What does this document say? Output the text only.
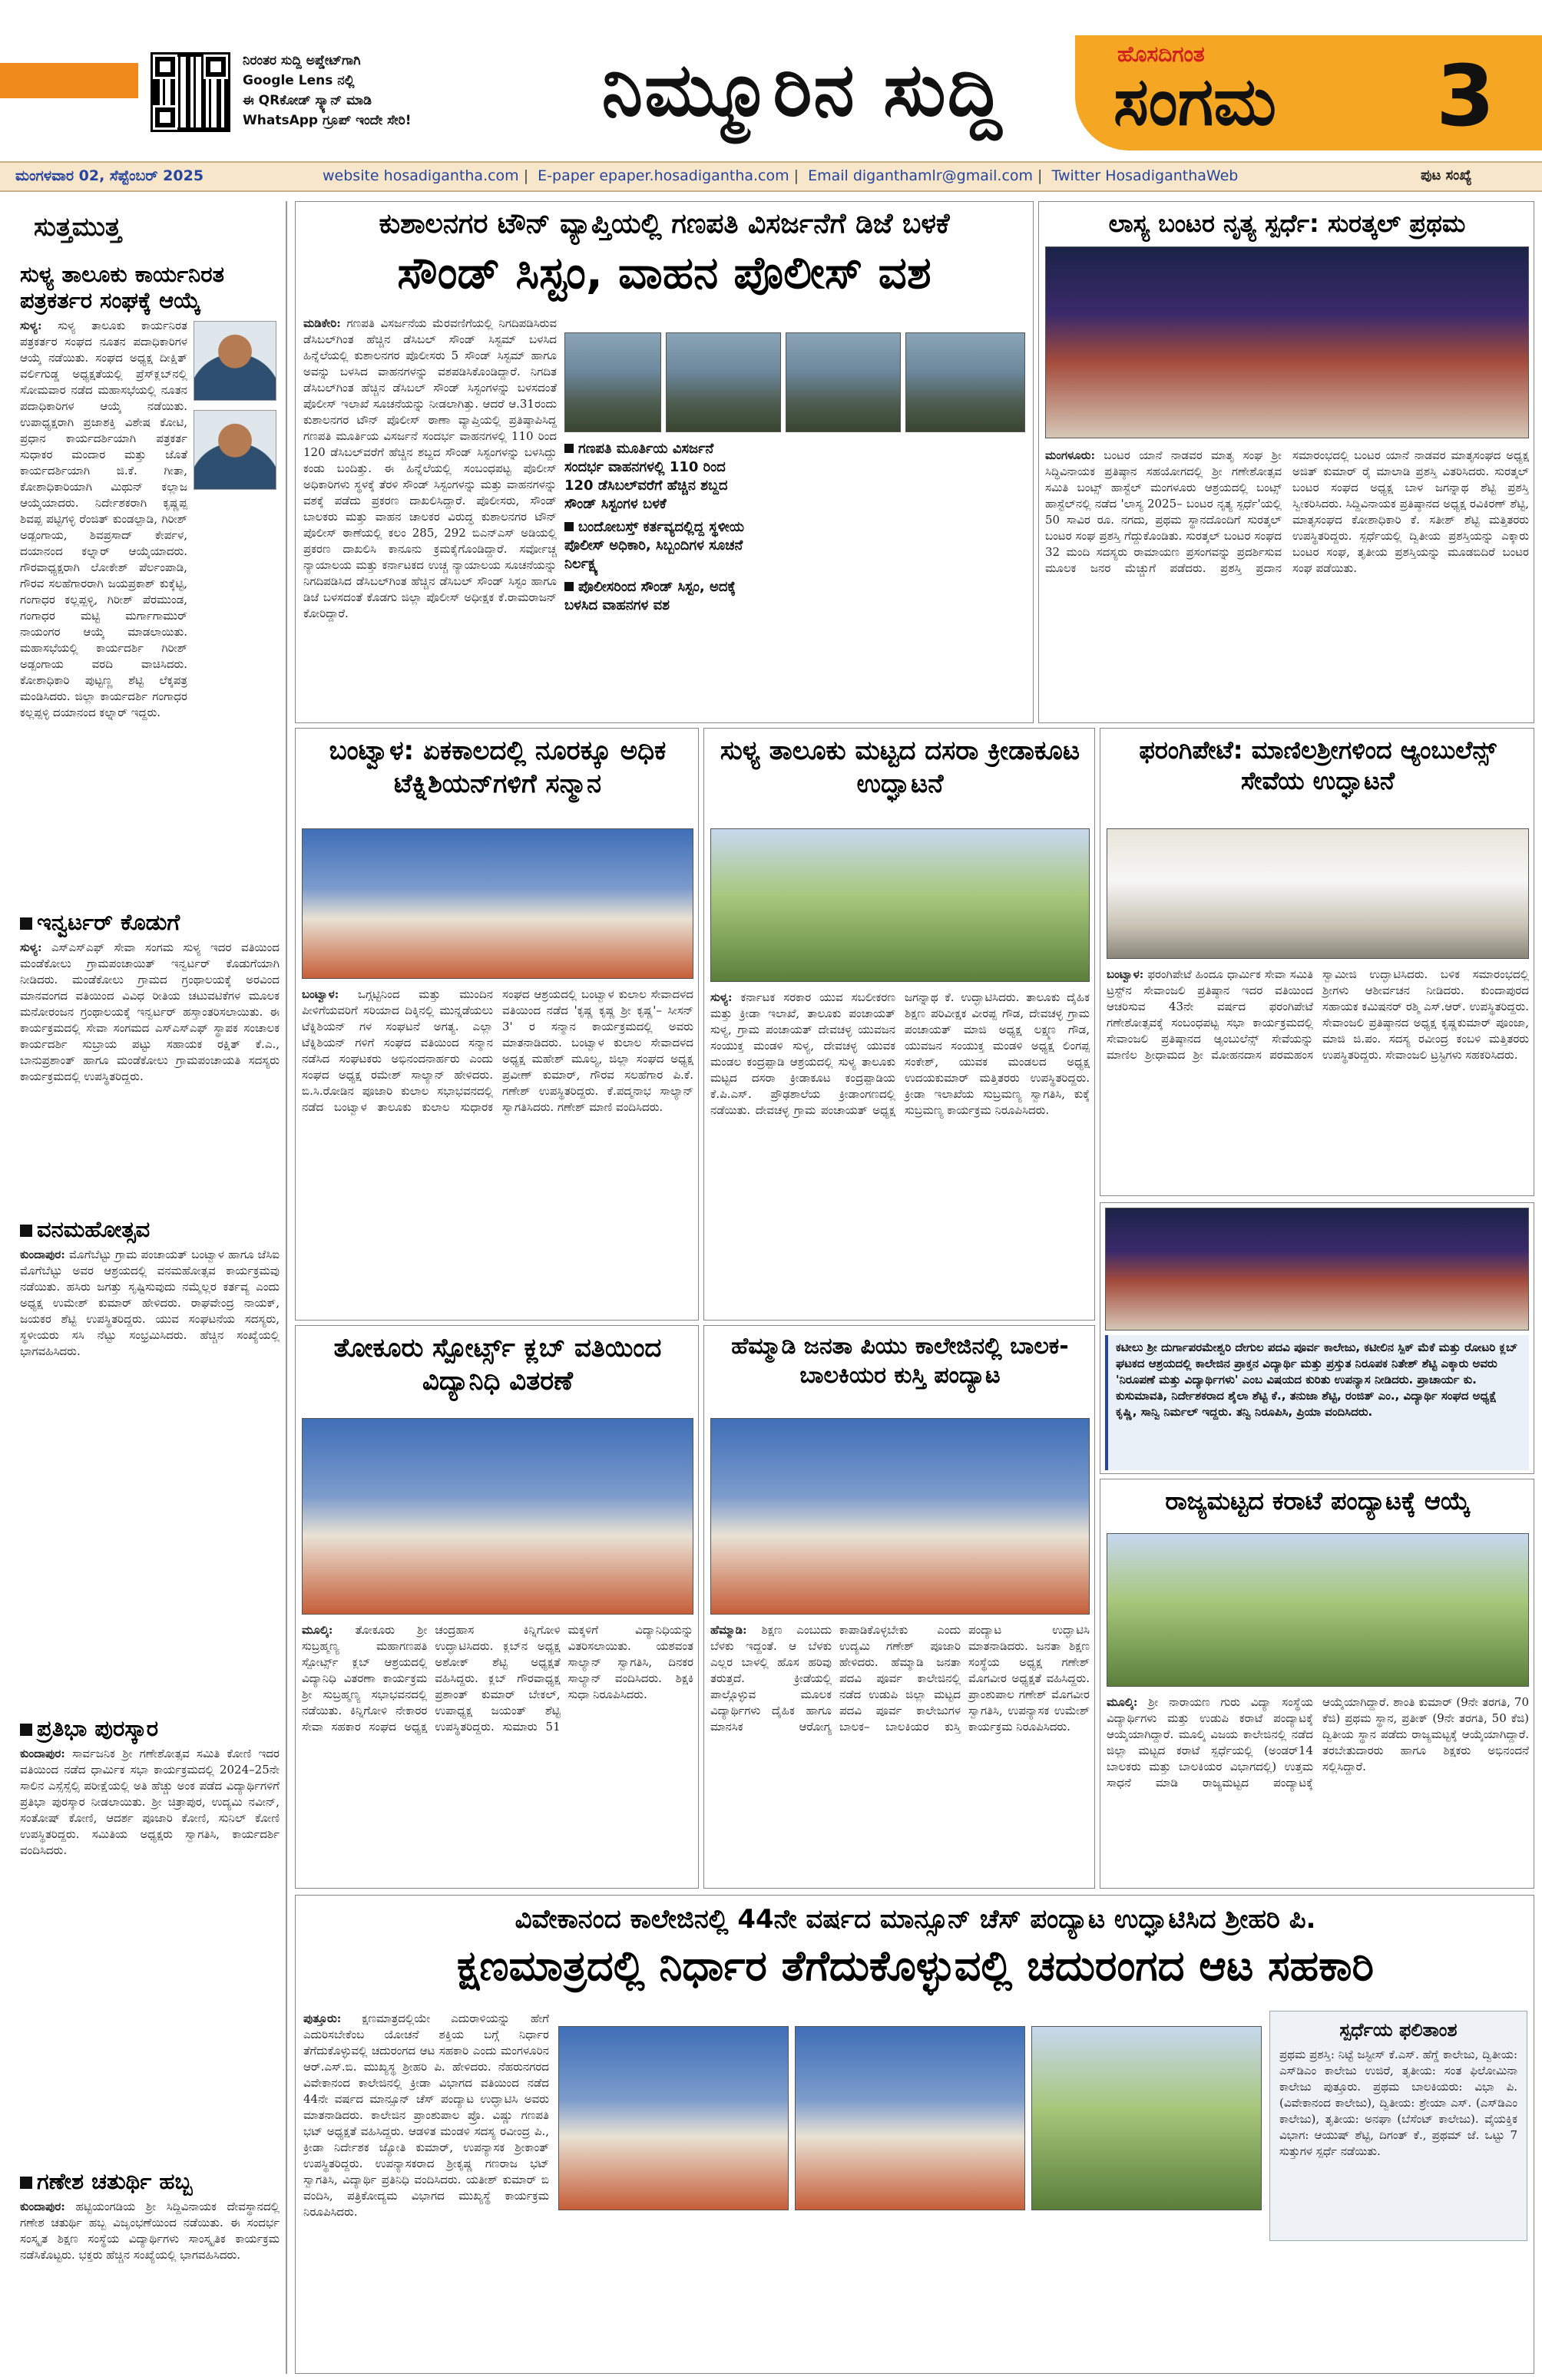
ನಿರಂತರ ಸುದ್ದಿ ಅಪ್ಡೇಟ್‌ಗಾಗಿ
Google Lens ನಲ್ಲಿ
ಈ QRಕೋಡ್ ಸ್ಕ್ಯಾನ್ ಮಾಡಿ
WhatsApp ಗ್ರೂಪ್ ಇಂದೇ ಸೇರಿ!	ನಿಮ್ಮೂರಿನ ಸುದ್ದಿ	ಹೊಸದಿಗಂತ
ಸಂಗಮ 3
ಮಂಗಳವಾರ 02, ಸೆಪ್ಟೆಂಬರ್ 2025	website hosadigantha.com | E-paper epaper.hosadigantha.com | Email diganthamlr@gmail.com | Twitter HosadiganthaWeb	ಪುಟ ಸಂಖ್ಯೆ
ಸುತ್ತಮುತ್ತ
ಸುಳ್ಯ ತಾಲೂಕು ಕಾರ್ಯನಿರತ ಪತ್ರಕರ್ತರ ಸಂಘಕ್ಕೆ ಆಯ್ಕೆ

ಸುಳ್ಯ: ಸುಳ್ಯ ತಾಲೂಕು ಕಾರ್ಯನಿರತ ಪತ್ರಕರ್ತರ ಸಂಘದ ನೂತನ ಪದಾಧಿಕಾರಿಗಳ ಆಯ್ಕೆ ನಡೆಯಿತು. ಸಂಘದ ಅಧ್ಯಕ್ಷ ದೀಕ್ಷಿತ್ ವರ್ಲಿಗುಡ್ಡ ಅಧ್ಯಕ್ಷತೆಯಲ್ಲಿ ಪ್ರೆಸ್‌ಕ್ಲಬ್‌ನಲ್ಲಿ ಸೋಮವಾರ ನಡೆದ ಮಹಾಸಭೆಯಲ್ಲಿ ನೂತನ ಪದಾಧಿಕಾರಿಗಳ ಆಯ್ಕೆ ನಡೆಯಿತು. ಉಪಾಧ್ಯಕ್ಷರಾಗಿ ಪ್ರಜಾಶಕ್ತಿ ವಿಶೇಷ ಕೋಟಿ, ಪ್ರಧಾನ ಕಾರ್ಯದರ್ಶಿಯಾಗಿ ಪತ್ರಕರ್ತ ಸುಧಾಕರ ಮಂದಾರ ಮತ್ತು ಜೊತೆ ಕಾರ್ಯದರ್ಶಿಯಾಗಿ ಜಿ.ಕೆ. ಗೀತಾ, ಕೋಶಾಧಿಕಾರಿಯಾಗಿ ಮಿಥುನ್ ಕಲ್ಲಾಜ ಆಯ್ಕೆಯಾದರು. ನಿರ್ದೇಶಕರಾಗಿ ಕೃಷ್ಣಪ್ಪ ಶಿವಪ್ಪ ಪಟ್ಟಿಗಳ್ಳಿ ರೆಂಜಿತ್ ಕುಂಡಲ್ಪಾಡಿ, ಗಿರೀಶ್ ಅಡ್ಪಂಗಾಯ, ಶಿವಪ್ರಸಾದ್ ಕೇರ್ಪಳ, ದಯಾನಂದ ಕಲ್ನಾರ್ ಆಯ್ಕೆಯಾದರು. ಗೌರವಾಧ್ಯಕ್ಷರಾಗಿ ಲೋಕೇಶ್ ಪೆರ್ಲಂಪಾಡಿ, ಗೌರವ ಸಲಹೆಗಾರರಾಗಿ ಜಯಪ್ರಕಾಶ್ ಕುಕ್ಕೆಟ್ಟಿ, ಗಂಗಾಧರ ಕಲ್ಲಪ್ಪಳ್ಳಿ, ಗಿರೀಶ್ ಪೆರಮುಂಡ, ಗಂಗಾಧರ ಮಟ್ಟಿ ಮರ್ಗಾಗಾಮುರ್ ನಾಯಂಗರ ಆಯ್ಕೆ ಮಾಡಲಾಯಿತು. ಮಹಾಸಭೆಯಲ್ಲಿ ಕಾರ್ಯದರ್ಶಿ ಗಿರೀಶ್ ಅಡ್ಪಂಗಾಯ ವರದಿ ವಾಚಿಸಿದರು. ಕೋಶಾಧಿಕಾರಿ ಪುಟ್ಟಣ್ಣ ಶೆಟ್ಟಿ ಲೆಕ್ಕಪತ್ರ ಮಂಡಿಸಿದರು. ಜಿಲ್ಲಾ ಕಾರ್ಯದರ್ಶಿ ಗಂಗಾಧರ ಕಲ್ಲಪ್ಪಳ್ಳಿ ದಯಾನಂದ ಕಲ್ನಾರ್ ಇದ್ದರು.
ಇನ್ವರ್ಟರ್ ಕೊಡುಗೆ
ಸುಳ್ಯ: ಎಸ್‌ಎಸ್‌ಎಫ್ ಸೇವಾ ಸಂಗಮ ಸುಳ್ಯ ಇದರ ವತಿಯಿಂದ ಮಂಡೆಕೋಲು ಗ್ರಾಮಪಂಚಾಯಿತ್ ಇನ್ವರ್ಟರ್ ಕೊಡುಗೆಯಾಗಿ ನೀಡಿದರು. ಮಂಡೆಕೋಲು ಗ್ರಾಮದ ಗ್ರಂಥಾಲಯಕ್ಕೆ ಅರವಿಂದ ಮಾನವಂಗದ ವತಿಯಿಂದ ವಿವಿಧ ರೀತಿಯ ಚಟುವಟಿಕೆಗಳ ಮೂಲಕ ಮನೋರಂಜನ ಗ್ರಂಥಾಲಯಕ್ಕೆ ಇನ್ವರ್ಟರ್ ಹಸ್ತಾಂತರಿಸಲಾಯಿತು. ಈ ಕಾರ್ಯಕ್ರಮದಲ್ಲಿ ಸೇವಾ ಸಂಗಮದ ಎಸ್‌ಎಸ್‌ಎಫ್ ಸ್ಥಾಪಕ ಸಂಚಾಲಕ ಕಾರ್ಯದರ್ಶಿ ಸುಬ್ರಾಯ ಪಟ್ಟು ಸಹಾಯಕ ರಕ್ಷಿತ್ ಕೆ.ಎ., ಬಾನುಪ್ರಶಾಂತ್ ಹಾಗೂ ಮಂಡೆಕೋಲು ಗ್ರಾಮಪಂಚಾಯತಿ ಸದಸ್ಯರು ಕಾರ್ಯಕ್ರಮದಲ್ಲಿ ಉಪಸ್ಥಿತರಿದ್ದರು.
ವನಮಹೋತ್ಸವ
ಕುಂದಾಪುರ: ಮೊಗೆಬೆಟ್ಟು ಗ್ರಾಮ ಪಂಚಾಯತ್ ಬಂಟ್ವಾಳ ಹಾಗೂ ಜೆಸಿಐ ಮೊಗೆಬೆಟ್ಟು ಅವರ ಆಶ್ರಯದಲ್ಲಿ ವನಮಹೋತ್ಸವ ಕಾರ್ಯಕ್ರಮವು ನಡೆಯಿತು. ಹಸಿರು ಜಗತ್ತು ಸೃಷ್ಟಿಸುವುದು ನಮ್ಮೆಲ್ಲರ ಕರ್ತವ್ಯ ಎಂದು ಅಧ್ಯಕ್ಷ ಉಮೇಶ್ ಕುಮಾರ್ ಹೇಳಿದರು. ರಾಘವೇಂದ್ರ ನಾಯಕ್, ಜಯಕರ ಶೆಟ್ಟಿ ಉಪಸ್ಥಿತರಿದ್ದರು. ಯುವ ಸಂಘಟನೆಯ ಸದಸ್ಯರು, ಸ್ಥಳೀಯರು ಸಸಿ ನೆಟ್ಟು ಸಂಭ್ರಮಿಸಿದರು. ಹೆಚ್ಚಿನ ಸಂಖ್ಯೆಯಲ್ಲಿ ಭಾಗವಹಿಸಿದರು.
ಪ್ರತಿಭಾ ಪುರಸ್ಕಾರ
ಕುಂದಾಪುರ: ಸಾರ್ವಜನಿಕ ಶ್ರೀ ಗಣೇಶೋತ್ಸವ ಸಮಿತಿ ಕೋಣಿ ಇದರ ವತಿಯಿಂದ ನಡೆದ ಧಾರ್ಮಿಕ ಸಭಾ ಕಾರ್ಯಕ್ರಮದಲ್ಲಿ 2024–25ನೇ ಸಾಲಿನ ಎಸ್ಸೆಸ್ಸೆಲ್ಸಿ ಪರೀಕ್ಷೆಯಲ್ಲಿ ಅತಿ ಹೆಚ್ಚು ಅಂಕ ಪಡೆದ ವಿದ್ಯಾರ್ಥಿಗಳಿಗೆ ಪ್ರತಿಭಾ ಪುರಸ್ಕಾರ ನೀಡಲಾಯಿತು. ಶ್ರೀ ಚಿತ್ರಾಪುರ, ಉದ್ಯಮಿ ನವೀನ್, ಸಂತೋಷ್ ಕೋಣಿ, ಆದರ್ಶ ಪೂಜಾರಿ ಕೋಣಿ, ಸುನಿಲ್ ಕೋಣಿ ಉಪಸ್ಥಿತರಿದ್ದರು. ಸಮಿತಿಯ ಅಧ್ಯಕ್ಷರು ಸ್ವಾಗತಿಸಿ, ಕಾರ್ಯದರ್ಶಿ ವಂದಿಸಿದರು.
ಗಣೇಶ ಚತುರ್ಥಿ ಹಬ್ಬ
ಕುಂದಾಪುರ: ಹಟ್ಟಿಯಂಗಡಿಯ ಶ್ರೀ ಸಿದ್ದಿವಿನಾಯಕ ದೇವಸ್ಥಾನದಲ್ಲಿ ಗಣೇಶ ಚತುರ್ಥಿ ಹಬ್ಬ ವಿಜೃಂಭಣೆಯಿಂದ ನಡೆಯಿತು. ಈ ಸಂದರ್ಭ ಸಂಸ್ಕೃತ ಶಿಕ್ಷಣ ಸಂಸ್ಥೆಯ ವಿದ್ಯಾರ್ಥಿಗಳು ಸಾಂಸ್ಕೃತಿಕ ಕಾರ್ಯಕ್ರಮ ನಡೆಸಿಕೊಟ್ಟರು. ಭಕ್ತರು ಹೆಚ್ಚಿನ ಸಂಖ್ಯೆಯಲ್ಲಿ ಭಾಗವಹಿಸಿದರು.
ಕುಶಾಲನಗರ ಟೌನ್ ವ್ಯಾಪ್ತಿಯಲ್ಲಿ ಗಣಪತಿ ವಿಸರ್ಜನೆಗೆ ಡಿಜೆ ಬಳಕೆ
ಸೌಂಡ್ ಸಿಸ್ಟಂ, ವಾಹನ ಪೊಲೀಸ್ ವಶ
ಮಡಿಕೇರಿ: ಗಣಪತಿ ವಿಸರ್ಜನೆಯ ಮೆರವಣಿಗೆಯಲ್ಲಿ ನಿಗದಿಪಡಿಸಿರುವ ಡೆಸಿಬಲ್‌ಗಿಂತ ಹೆಚ್ಚಿನ ಡೆಸಿಬಲ್ ಸೌಂಡ್ ಸಿಸ್ಟಮ್ ಬಳಸಿದ ಹಿನ್ನೆಲೆಯಲ್ಲಿ ಕುಶಾಲನಗರ ಪೊಲೀಸರು 5 ಸೌಂಡ್ ಸಿಸ್ಟಮ್ ಹಾಗೂ ಅವನ್ನು ಬಳಸಿದ ವಾಹನಗಳನ್ನು ವಶಪಡಿಸಿಕೊಂಡಿದ್ದಾರೆ. ನಿಗದಿತ ಡೆಸಿಬಲ್‌ಗಿಂತ ಹೆಚ್ಚಿನ ಡೆಸಿಬಲ್ ಸೌಂಡ್ ಸಿಸ್ಟಂಗಳನ್ನು ಬಳಸದಂತೆ ಪೊಲೀಸ್ ಇಲಾಖೆ ಸೂಚನೆಯನ್ನು ನೀಡಲಾಗಿತ್ತು. ಆದರೆ ಆ.31ರಂದು ಕುಶಾಲನಗರ ಟೌನ್ ಪೊಲೀಸ್ ಠಾಣಾ ವ್ಯಾಪ್ತಿಯಲ್ಲಿ ಪ್ರತಿಷ್ಠಾಪಿಸಿದ್ದ ಗಣಪತಿ ಮೂರ್ತಿಯ ವಿಸರ್ಜನೆ ಸಂದರ್ಭ ವಾಹನಗಳಲ್ಲಿ 110 ರಿಂದ 120 ಡೆಸಿಬಲ್‌ವರೆಗೆ ಹೆಚ್ಚಿನ ಶಬ್ದದ ಸೌಂಡ್ ಸಿಸ್ಟಂಗಳನ್ನು ಬಳಸಿದ್ದು ಕಂಡು ಬಂದಿತ್ತು. ಈ ಹಿನ್ನೆಲೆಯಲ್ಲಿ ಸಂಬಂಧಪಟ್ಟ ಪೊಲೀಸ್ ಅಧಿಕಾರಿಗಳು ಸ್ಥಳಕ್ಕೆ ತೆರಳಿ ಸೌಂಡ್ ಸಿಸ್ಟಂಗಳನ್ನು ಮತ್ತು ವಾಹನಗಳನ್ನು ವಶಕ್ಕೆ ಪಡೆದು ಪ್ರಕರಣ ದಾಖಲಿಸಿದ್ದಾರೆ. ಪೊಲೀಸರು, ಸೌಂಡ್ ಬಾಲಕರು ಮತ್ತು ವಾಹನ ಚಾಲಕರ ವಿರುದ್ಧ ಕುಶಾಲನಗರ ಟೌನ್ ಪೊಲೀಸ್ ಠಾಣೆಯಲ್ಲಿ ಕಲಂ 285, 292 ಬಿಎನ್‌ಎಸ್ ಅಡಿಯಲ್ಲಿ ಪ್ರಕರಣ ದಾಖಲಿಸಿ ಕಾನೂನು ಕ್ರಮಕೈಗೊಂಡಿದ್ದಾರೆ. ಸರ್ವೋಚ್ಚ ನ್ಯಾಯಾಲಯ ಮತ್ತು ಕರ್ನಾಟಕದ ಉಚ್ಚ ನ್ಯಾಯಾಲಯ ಸೂಚನೆಯನ್ನು ನಿಗದಿಪಡಿಸಿದ ಡೆಸಿಬಲ್‌ಗಿಂತ ಹೆಚ್ಚಿನ ಡೆಸಿಬಲ್ ಸೌಂಡ್ ಸಿಸ್ಟಂ ಹಾಗೂ ಡಿಜೆ ಬಳಸದಂತೆ ಕೊಡಗು ಜಿಲ್ಲಾ ಪೊಲೀಸ್ ಅಧೀಕ್ಷಕ ಕೆ.ರಾಮರಾಜನ್ ಕೋರಿದ್ದಾರೆ.
ಗಣಪತಿ ಮೂರ್ತಿಯ ವಿಸರ್ಜನೆ ಸಂದರ್ಭ ವಾಹನಗಳಲ್ಲಿ 110 ರಿಂದ 120 ಡೆಸಿಬಲ್‌ವರೆಗೆ ಹೆಚ್ಚಿನ ಶಬ್ದದ ಸೌಂಡ್ ಸಿಸ್ಟಂಗಳ ಬಳಕೆ
ಬಂದೋಬಸ್ತ್ ಕರ್ತವ್ಯದಲ್ಲಿದ್ದ ಸ್ಥಳೀಯ ಪೊಲೀಸ್ ಅಧಿಕಾರಿ, ಸಿಬ್ಬಂದಿಗಳ ಸೂಚನೆ ನಿರ್ಲಕ್ಷ್ಯ
ಪೊಲೀಸರಿಂದ ಸೌಂಡ್ ಸಿಸ್ಟಂ, ಅದಕ್ಕೆ ಬಳಸಿದ ವಾಹನಗಳ ವಶ
ಲಾಸ್ಯ ಬಂಟರ ನೃತ್ಯ ಸ್ಪರ್ಧೆ: ಸುರತ್ಕಲ್ ಪ್ರಥಮ
ಮಂಗಳೂರು: ಬಂಟರ ಯಾನೆ ನಾಡವರ ಮಾತೃ ಸಂಘ ಶ್ರೀ ಸಿದ್ಧಿವಿನಾಯಕ ಪ್ರತಿಷ್ಠಾನ ಸಹಯೋಗದಲ್ಲಿ ಶ್ರೀ ಗಣೇಶೋತ್ಸವ ಸಮಿತಿ ಬಂಟ್ಸ್ ಹಾಸ್ಟೆಲ್ ಮಂಗಳೂರು ಆಶ್ರಯದಲ್ಲಿ ಬಂಟ್ಸ್ ಹಾಸ್ಟೆಲ್‌ನಲ್ಲಿ ನಡೆದ 'ಲಾಸ್ಯ 2025– ಬಂಟರ ನೃತ್ಯ ಸ್ಪರ್ಧೆ'ಯಲ್ಲಿ 50 ಸಾವಿರ ರೂ. ನಗದು, ಪ್ರಥಮ ಸ್ಥಾನದೊಂದಿಗೆ ಸುರತ್ಕಲ್ ಬಂಟರ ಸಂಘ ಪ್ರಶಸ್ತಿ ಗೆದ್ದುಕೊಂಡಿತು. ಸುರತ್ಕಲ್ ಬಂಟರ ಸಂಘದ 32 ಮಂದಿ ಸದಸ್ಯರು ರಾಮಾಯಣ ಪ್ರಸಂಗವನ್ನು ಪ್ರದರ್ಶಿಸುವ ಮೂಲಕ ಜನರ ಮೆಚ್ಚುಗೆ ಪಡೆದರು. ಪ್ರಶಸ್ತಿ ಪ್ರದಾನ ಸಮಾರಂಭದಲ್ಲಿ ಬಂಟರ ಯಾನೆ ನಾಡವರ ಮಾತೃಸಂಘದ ಅಧ್ಯಕ್ಷ ಅಜಿತ್ ಕುಮಾರ್ ರೈ ಮಾಲಾಡಿ ಪ್ರಶಸ್ತಿ ವಿತರಿಸಿದರು. ಸುರತ್ಕಲ್ ಬಂಟರ ಸಂಘದ ಅಧ್ಯಕ್ಷ ಬಾಳ ಜಗನ್ನಾಥ ಶೆಟ್ಟಿ ಪ್ರಶಸ್ತಿ ಸ್ವೀಕರಿಸಿದರು. ಸಿದ್ದಿವಿನಾಯಕ ಪ್ರತಿಷ್ಠಾನದ ಅಧ್ಯಕ್ಷ ರವಿಕಿರಣ್ ಶೆಟ್ಟಿ, ಮಾತೃಸಂಘದ ಕೋಶಾಧಿಕಾರಿ ಕೆ. ಸತೀಶ್ ಶೆಟ್ಟಿ ಮತ್ತಿತರರು ಉಪಸ್ಥಿತರಿದ್ದರು. ಸ್ಪರ್ಧೆಯಲ್ಲಿ ದ್ವಿತೀಯ ಪ್ರಶಸ್ತಿಯನ್ನು ಎಕ್ಕಾರು ಬಂಟರ ಸಂಘ, ತೃತೀಯ ಪ್ರಶಸ್ತಿಯನ್ನು ಮೂಡಬಿದಿರೆ ಬಂಟರ ಸಂಘ ಪಡೆಯಿತು.
ಬಂಟ್ವಾಳ: ಏಕಕಾಲದಲ್ಲಿ ನೂರಕ್ಕೂ ಅಧಿಕ ಟೆಕ್ನಿಶಿಯನ್‌ಗಳಿಗೆ ಸನ್ಮಾನ
ಬಂಟ್ವಾಳ: ಒಗ್ಗಟ್ಟಿನಿಂದ ಮತ್ತು ಮುಂದಿನ ಪೀಳಿಗೆಯವರಿಗೆ ಸರಿಯಾದ ದಿಕ್ಕಿನಲ್ಲಿ ಮುನ್ನಡೆಯಲು ಟೆಕ್ನಿಶಿಯನ್ ಗಳ ಸಂಘಟನೆ ಅಗತ್ಯ. ಎಲ್ಲಾ ಟೆಕ್ನಿಶಿಯನ್ ಗಳಿಗೆ ಸಂಘದ ವತಿಯಿಂದ ಸನ್ಮಾನ ನಡೆಸಿದ ಸಂಘಟಕರು ಅಭಿನಂದನಾರ್ಹರು ಎಂದು ಸಂಘದ ಅಧ್ಯಕ್ಷ ರಮೇಶ್ ಸಾಲ್ಯಾನ್ ಹೇಳಿದರು. ಬಿ.ಸಿ.ರೋಡಿನ ಪೂಜಾರಿ ಕುಲಾಲ ಸಭಾಭವನದಲ್ಲಿ ನಡೆದ ಬಂಟ್ವಾಳ ತಾಲೂಕು ಕುಲಾಲ ಸುಧಾರಕ ಸಂಘದ ಆಶ್ರಯದಲ್ಲಿ ಬಂಟ್ವಾಳ ಕುಲಾಲ ಸೇವಾದಳದ ವತಿಯಿಂದ ನಡೆದ 'ಕೃಷ್ಣ ಕೃಷ್ಣ ಶ್ರೀ ಕೃಷ್ಣ'– ಸೀಸನ್ 3' ರ ಸನ್ಮಾನ ಕಾರ್ಯಕ್ರಮದಲ್ಲಿ ಅವರು ಮಾತನಾಡಿದರು. ಬಂಟ್ವಾಳ ಕುಲಾಲ ಸೇವಾದಳದ ಅಧ್ಯಕ್ಷ ಮಹೇಶ್ ಮೂಲ್ಯ, ಜಿಲ್ಲಾ ಸಂಘದ ಅಧ್ಯಕ್ಷ ಪ್ರವೀಣ್ ಕುಮಾರ್, ಗೌರವ ಸಲಹೆಗಾರ ಪಿ.ಕೆ. ಗಣೇಶ್ ಉಪಸ್ಥಿತರಿದ್ದರು. ಕೆ.ಪದ್ಮನಾಭ ಸಾಲ್ಯಾನ್ ಸ್ವಾಗತಿಸಿದರು. ಗಣೇಶ್ ಮಾಣಿ ವಂದಿಸಿದರು.
ಸುಳ್ಯ ತಾಲೂಕು ಮಟ್ಟದ ದಸರಾ ಕ್ರೀಡಾಕೂಟ ಉದ್ಘಾಟನೆ
ಸುಳ್ಯ: ಕರ್ನಾಟಕ ಸರಕಾರ ಯುವ ಸಬಲೀಕರಣ ಮತ್ತು ಕ್ರೀಡಾ ಇಲಾಖೆ, ತಾಲೂಕು ಪಂಚಾಯತ್ ಸುಳ್ಯ, ಗ್ರಾಮ ಪಂಚಾಯತ್ ದೇವಚಳ್ಳ ಯುವಜನ ಸಂಯುಕ್ತ ಮಂಡಳಿ ಸುಳ್ಯ, ದೇವಚಳ್ಳ ಯುವಕ ಮಂಡಲ ಕಂದ್ರಪ್ಪಾಡಿ ಆಶ್ರಯದಲ್ಲಿ ಸುಳ್ಯ ತಾಲೂಕು ಮಟ್ಟದ ದಸರಾ ಕ್ರೀಡಾಕೂಟ ಕಂದ್ರಪ್ಪಾಡಿಯ ಕೆ.ಪಿ.ಎಸ್. ಪ್ರೌಢಶಾಲೆಯ ಕ್ರೀಡಾಂಗಣದಲ್ಲಿ ನಡೆಯಿತು. ದೇವಚಳ್ಳ ಗ್ರಾಮ ಪಂಚಾಯತ್ ಅಧ್ಯಕ್ಷ ಜಗನ್ನಾಥ ಕೆ. ಉದ್ಘಾಟಿಸಿದರು. ತಾಲೂಕು ದೈಹಿಕ ಶಿಕ್ಷಣ ಪರಿವೀಕ್ಷಕ ವೀರಪ್ಪ ಗೌಡ, ದೇವಚಳ್ಳ ಗ್ರಾಮ ಪಂಚಾಯತ್ ಮಾಜಿ ಅಧ್ಯಕ್ಷ ಲಕ್ಷ್ಮಣ ಗೌಡ, ಯುವಜನ ಸಂಯುಕ್ತ ಮಂಡಳಿ ಅಧ್ಯಕ್ಷ ಲಿಂಗಪ್ಪ ಸಂಕೇಶ್, ಯುವಕ ಮಂಡಲದ ಅಧ್ಯಕ್ಷ ಉದಯಕುಮಾರ್ ಮತ್ತಿತರರು ಉಪಸ್ಥಿತರಿದ್ದರು. ಕ್ರೀಡಾ ಇಲಾಖೆಯ ಸುಬ್ರಮಣ್ಯ ಸ್ವಾಗತಿಸಿ, ಕುಕ್ಕೆ ಸುಬ್ರಮಣ್ಯ ಕಾರ್ಯಕ್ರಮ ನಿರೂಪಿಸಿದರು.
ಫರಂಗಿಪೇಟೆ: ಮಾಣಿಲಶ್ರೀಗಳಿಂದ ಆ್ಯಂಬುಲೆನ್ಸ್ ಸೇವೆಯ ಉದ್ಘಾಟನೆ
ಬಂಟ್ವಾಳ: ಫರಂಗಿಪೇಟೆ ಹಿಂದೂ ಧಾರ್ಮಿಕ ಸೇವಾ ಸಮಿತಿ ಟ್ರಸ್ಟ್‌ನ ಸೇವಾಂಜಲಿ ಪ್ರತಿಷ್ಠಾನ ಇದರ ವತಿಯಿಂದ ಆಚರಿಸುವ 43ನೇ ವರ್ಷದ ಫರಂಗಿಪೇಟೆ ಗಣೇಶೋತ್ಸವಕ್ಕೆ ಸಂಬಂಧಪಟ್ಟ ಸಭಾ ಕಾರ್ಯಕ್ರಮದಲ್ಲಿ ಸೇವಾಂಜಲಿ ಪ್ರತಿಷ್ಠಾನದ ಆ್ಯಂಬುಲೆನ್ಸ್ ಸೇವೆಯನ್ನು ಮಾಣಿಲ ಶ್ರೀಧಾಮದ ಶ್ರೀ ಮೋಹನದಾಸ ಪರಮಹಂಸ ಸ್ವಾಮೀಜಿ ಉದ್ಘಾಟಿಸಿದರು. ಬಳಿಕ ಸಮಾರಂಭದಲ್ಲಿ ಶ್ರೀಗಳು ಆಶೀರ್ವಚನ ನೀಡಿದರು. ಕುಂದಾಪುರದ ಸಹಾಯಕ ಕಮಿಷನರ್ ರಶ್ಮಿ ಎಸ್.ಆರ್. ಉಪಸ್ಥಿತರಿದ್ದರು. ಸೇವಾಂಜಲಿ ಪ್ರತಿಷ್ಠಾನದ ಅಧ್ಯಕ್ಷ ಕೃಷ್ಣಕುಮಾರ್ ಪೂಂಜಾ, ಮಾಜಿ ಜಿ.ಪಂ. ಸದಸ್ಯ ರವೀಂದ್ರ ಕಂಬಳಿ ಮತ್ತಿತರರು ಉಪಸ್ಥಿತರಿದ್ದರು. ಸೇವಾಂಜಲಿ ಟ್ರಸ್ಟಿಗಳು ಸಹಕರಿಸಿದರು.
ಕಟೀಲು ಶ್ರೀ ದುರ್ಗಾಪರಮೇಶ್ವರಿ ದೇಗುಲ ಪದವಿ ಪೂರ್ವ ಕಾಲೇಜು, ಕಟೀಲಿನ ಸ್ಪಿಕ್ ಮೆಕೆ ಮತ್ತು ರೋಟರಿ ಕ್ಲಬ್ ಘಟಕದ ಆಶ್ರಯದಲ್ಲಿ ಕಾಲೇಜಿನ ಪ್ರಾಕ್ತನ ವಿದ್ಯಾರ್ಥಿ ಮತ್ತು ಪ್ರಸ್ತುತ ನಿರೂಪಕ ನಿತೇಶ್ ಶೆಟ್ಟಿ ಎಕ್ಕಾರು ಅವರು 'ನಿರೂಪಣೆ ಮತ್ತು ವಿದ್ಯಾರ್ಥಿಗಳು' ಎಂಬ ವಿಷಯದ ಕುರಿತು ಉಪನ್ಯಾಸ ನೀಡಿದರು. ಪ್ರಾಚಾರ್ಯ ಕು. ಕುಸುಮಾವತಿ, ನಿರ್ದೇಶಕರಾದ ಶೈಲಾ ಶೆಟ್ಟಿ ಕೆ., ತನುಜಾ ಶೆಟ್ಟಿ, ರಂಜಿತ್ ಎಂ., ವಿದ್ಯಾರ್ಥಿ ಸಂಘದ ಅಧ್ಯಕ್ಷೆ ಕೃಷ್ಣಿ, ಸಾನ್ವಿ ನಿರ್ಮಲ್ ಇದ್ದರು. ತನ್ವಿ ನಿರೂಪಿಸಿ, ಪ್ರಿಯಾ ವಂದಿಸಿದರು.
ತೋಕೂರು ಸ್ಪೋರ್ಟ್ಸ್ ಕ್ಲಬ್ ವತಿಯಿಂದ ವಿದ್ಯಾನಿಧಿ ವಿತರಣೆ
ಮೂಲ್ಕಿ: ತೋಕೂರು ಶ್ರೀ ಸುಬ್ರಹ್ಮಣ್ಯ ಮಹಾಗಣಪತಿ ಸ್ಪೋರ್ಟ್ಸ್ ಕ್ಲಬ್ ಆಶ್ರಯದಲ್ಲಿ ವಿದ್ಯಾನಿಧಿ ವಿತರಣಾ ಕಾರ್ಯಕ್ರಮ ಶ್ರೀ ಸುಬ್ರಹ್ಮಣ್ಯ ಸಭಾಭವನದಲ್ಲಿ ನಡೆಯಿತು. ಕಿನ್ನಿಗೋಳಿ ನೇಕಾರರ ಸೇವಾ ಸಹಕಾರ ಸಂಘದ ಅಧ್ಯಕ್ಷ ಚಂದ್ರಹಾಸ ಕಿನ್ನಿಗೋಳಿ ಉದ್ಘಾಟಿಸಿದರು. ಕ್ಲಬ್‌ನ ಅಧ್ಯಕ್ಷ ಅಶೋಕ್ ಶೆಟ್ಟಿ ಅಧ್ಯಕ್ಷತೆ ವಹಿಸಿದ್ದರು. ಕ್ಲಬ್ ಗೌರವಾಧ್ಯಕ್ಷ ಪ್ರಶಾಂತ್ ಕುಮಾರ್ ಬೇಕಲ್, ಉಪಾಧ್ಯಕ್ಷ ಜಯಂತ್ ಶೆಟ್ಟಿ ಉಪಸ್ಥಿತರಿದ್ದರು. ಸುಮಾರು 51 ಮಕ್ಕಳಿಗೆ ವಿದ್ಯಾನಿಧಿಯನ್ನು ವಿತರಿಸಲಾಯಿತು. ಯಶವಂತ ಸಾಲ್ಯಾನ್ ಸ್ವಾಗತಿಸಿ, ದಿನಕರ ಸಾಲ್ಯಾನ್ ವಂದಿಸಿದರು. ಶಿಕ್ಷಕಿ ಸುಧಾ ನಿರೂಪಿಸಿದರು.
ಹೆಮ್ಮಾಡಿ ಜನತಾ ಪಿಯು ಕಾಲೇಜಿನಲ್ಲಿ ಬಾಲಕ- ಬಾಲಕಿಯರ ಕುಸ್ತಿ ಪಂದ್ಯಾಟ
ಹೆಮ್ಮಾಡಿ: ಶಿಕ್ಷಣ ಎಂಬುದು ಬೆಳಕು ಇದ್ದಂತೆ. ಆ ಬೆಳಕು ಎಲ್ಲರ ಬಾಳಲ್ಲಿ ಹೊಸ ಹರಿವು ತರುತ್ತದೆ. ಕ್ರೀಡೆಯಲ್ಲಿ ಪಾಲ್ಗೊಳ್ಳುವ ಮೂಲಕ ವಿದ್ಯಾರ್ಥಿಗಳು ದೈಹಿಕ ಹಾಗೂ ಮಾನಸಿಕ ಆರೋಗ್ಯ ಕಾಪಾಡಿಕೊಳ್ಳಬೇಕು ಎಂದು ಉದ್ಯಮಿ ಗಣೇಶ್ ಪೂಜಾರಿ ಹೇಳಿದರು. ಹೆಮ್ಮಾಡಿ ಜನತಾ ಪದವಿ ಪೂರ್ವ ಕಾಲೇಜಿನಲ್ಲಿ ನಡೆದ ಉಡುಪಿ ಜಿಲ್ಲಾ ಮಟ್ಟದ ಪದವಿ ಪೂರ್ವ ಕಾಲೇಜುಗಳ ಬಾಲಕ– ಬಾಲಕಿಯರ ಕುಸ್ತಿ ಪಂದ್ಯಾಟ ಉದ್ಘಾಟಿಸಿ ಮಾತನಾಡಿದರು. ಜನತಾ ಶಿಕ್ಷಣ ಸಂಸ್ಥೆಯ ಅಧ್ಯಕ್ಷ ಗಣೇಶ್ ಮೊಗವೀರ ಅಧ್ಯಕ್ಷತೆ ವಹಿಸಿದ್ದರು. ಪ್ರಾಂಶುಪಾಲ ಗಣೇಶ್ ಮೊಗವೀರ ಸ್ವಾಗತಿಸಿ, ಉಪನ್ಯಾಸಕ ಉಮೇಶ್ ಕಾರ್ಯಕ್ರಮ ನಿರೂಪಿಸಿದರು.
ರಾಜ್ಯಮಟ್ಟದ ಕರಾಟೆ ಪಂದ್ಯಾಟಕ್ಕೆ ಆಯ್ಕೆ
ಮೂಲ್ಕಿ: ಶ್ರೀ ನಾರಾಯಣ ಗುರು ವಿದ್ಯಾ ಸಂಸ್ಥೆಯ ವಿದ್ಯಾರ್ಥಿಗಳು ಮತ್ತು ಉಡುಪಿ ಕರಾಟೆ ಪಂದ್ಯಾಟಕ್ಕೆ ಆಯ್ಕೆಯಾಗಿದ್ದಾರೆ. ಮೂಲ್ಕಿ ವಿಜಯ ಕಾಲೇಜಿನಲ್ಲಿ ನಡೆದ ಜಿಲ್ಲಾ ಮಟ್ಟದ ಕರಾಟೆ ಸ್ಪರ್ಧೆಯಲ್ಲಿ (ಅಂಡರ್14 ಬಾಲಕರು ಮತ್ತು ಬಾಲಕಿಯರ ವಿಭಾಗದಲ್ಲಿ) ಉತ್ತಮ ಸಾಧನೆ ಮಾಡಿ ರಾಜ್ಯಮಟ್ಟದ ಪಂದ್ಯಾಟಕ್ಕೆ ಆಯ್ಕೆಯಾಗಿದ್ದಾರೆ. ಶಾಂತಿ ಕುಮಾರ್ (9ನೇ ತರಗತಿ, 70 ಕೆಜಿ) ಪ್ರಥಮ ಸ್ಥಾನ, ಪ್ರತೀಕ್ (9ನೇ ತರಗತಿ, 50 ಕೆಜಿ) ದ್ವಿತೀಯ ಸ್ಥಾನ ಪಡೆದು ರಾಜ್ಯಮಟ್ಟಕ್ಕೆ ಆಯ್ಕೆಯಾಗಿದ್ದಾರೆ. ತರಬೇತುದಾರರು ಹಾಗೂ ಶಿಕ್ಷಕರು ಅಭಿನಂದನೆ ಸಲ್ಲಿಸಿದ್ದಾರೆ.
ವಿವೇಕಾನಂದ ಕಾಲೇಜಿನಲ್ಲಿ 44ನೇ ವರ್ಷದ ಮಾನ್ಸೂನ್ ಚೆಸ್ ಪಂದ್ಯಾಟ ಉದ್ಘಾಟಿಸಿದ ಶ್ರೀಹರಿ ಪಿ.
ಕ್ಷಣಮಾತ್ರದಲ್ಲಿ ನಿರ್ಧಾರ ತೆಗೆದುಕೊಳ್ಳುವಲ್ಲಿ ಚದುರಂಗದ ಆಟ ಸಹಕಾರಿ
ಪುತ್ತೂರು: ಕ್ಷಣಮಾತ್ರದಲ್ಲಿಯೇ ಎದುರಾಳಿಯನ್ನು ಹೇಗೆ ಎದುರಿಸಬೇಕೆಂಬ ಯೋಚನೆ ಶಕ್ತಿಯ ಬಗ್ಗೆ ನಿರ್ಧಾರ ತೆಗೆದುಕೊಳ್ಳುವಲ್ಲಿ ಚದುರಂಗದ ಆಟ ಸಹಕಾರಿ ಎಂದು ಮಂಗಳೂರಿನ ಆರ್.ಎಸ್.ಬಿ. ಮುಖ್ಯಸ್ಥ ಶ್ರೀಹರಿ ಪಿ. ಹೇಳಿದರು. ನೆಹರುನಗರದ ವಿವೇಕಾನಂದ ಕಾಲೇಜಿನಲ್ಲಿ ಕ್ರೀಡಾ ವಿಭಾಗದ ವತಿಯಿಂದ ನಡೆದ 44ನೇ ವರ್ಷದ ಮಾನ್ಸೂನ್ ಚೆಸ್ ಪಂದ್ಯಾಟ ಉದ್ಘಾಟಿಸಿ ಅವರು ಮಾತನಾಡಿದರು. ಕಾಲೇಜಿನ ಪ್ರಾಂಶುಪಾಲ ಪ್ರೊ. ವಿಷ್ಣು ಗಣಪತಿ ಭಟ್ ಅಧ್ಯಕ್ಷತೆ ವಹಿಸಿದ್ದರು. ಆಡಳಿತ ಮಂಡಳಿ ಸದಸ್ಯ ರವೀಂದ್ರ ಪಿ., ಕ್ರೀಡಾ ನಿರ್ದೇಶಕ ಜ್ಯೋತಿ ಕುಮಾರ್, ಉಪನ್ಯಾಸಕ ಶ್ರೀಕಾಂತ್ ಉಪಸ್ಥಿತರಿದ್ದರು. ಉಪನ್ಯಾಸಕರಾದ ಶ್ರೀಕೃಷ್ಣ ಗಣರಾಜ ಭಟ್ ಸ್ವಾಗತಿಸಿ, ವಿದ್ಯಾರ್ಥಿ ಪ್ರತಿನಿಧಿ ವಂದಿಸಿದರು. ಯತೀಶ್ ಕುಮಾರ್ ಬಿ ವಂದಿಸಿ, ಪತ್ರಿಕೋದ್ಯಮ ವಿಭಾಗದ ಮುಖ್ಯಸ್ಥೆ ಕಾರ್ಯಕ್ರಮ ನಿರೂಪಿಸಿದರು.
ಸ್ಪರ್ಧೆಯ ಫಲಿತಾಂಶ
ಪ್ರಥಮ ಪ್ರಶಸ್ತಿ: ನಿಟ್ಟೆ ಜಸ್ಟೀಸ್ ಕೆ.ಎಸ್. ಹೆಗ್ಡೆ ಕಾಲೇಜು, ದ್ವಿತೀಯ: ಎಸ್‌ಡಿಎಂ ಕಾಲೇಜು ಉಜಿರೆ, ತೃತೀಯ: ಸಂತ ಫಿಲೋಮಿನಾ ಕಾಲೇಜು ಪುತ್ತೂರು. ಪ್ರಥಮ ಬಾಲಕಿಯರು: ವಿಭಾ ಪಿ. (ವಿವೇಕಾನಂದ ಕಾಲೇಜು), ದ್ವಿತೀಯ: ಶ್ರೇಯಾ ಎಸ್. (ಎಸ್‌ಡಿಎಂ ಕಾಲೇಜು), ತೃತೀಯ: ಅನಘಾ (ಬೆಸೆಂಟ್ ಕಾಲೇಜು). ವೈಯಕ್ತಿಕ ವಿಭಾಗ: ಆಯುಷ್ ಶೆಟ್ಟಿ, ದಿಗಂತ್ ಕೆ., ಪ್ರಥಮ್ ಜೆ. ಒಟ್ಟು 7 ಸುತ್ತುಗಳ ಸ್ಪರ್ಧೆ ನಡೆಯಿತು.
